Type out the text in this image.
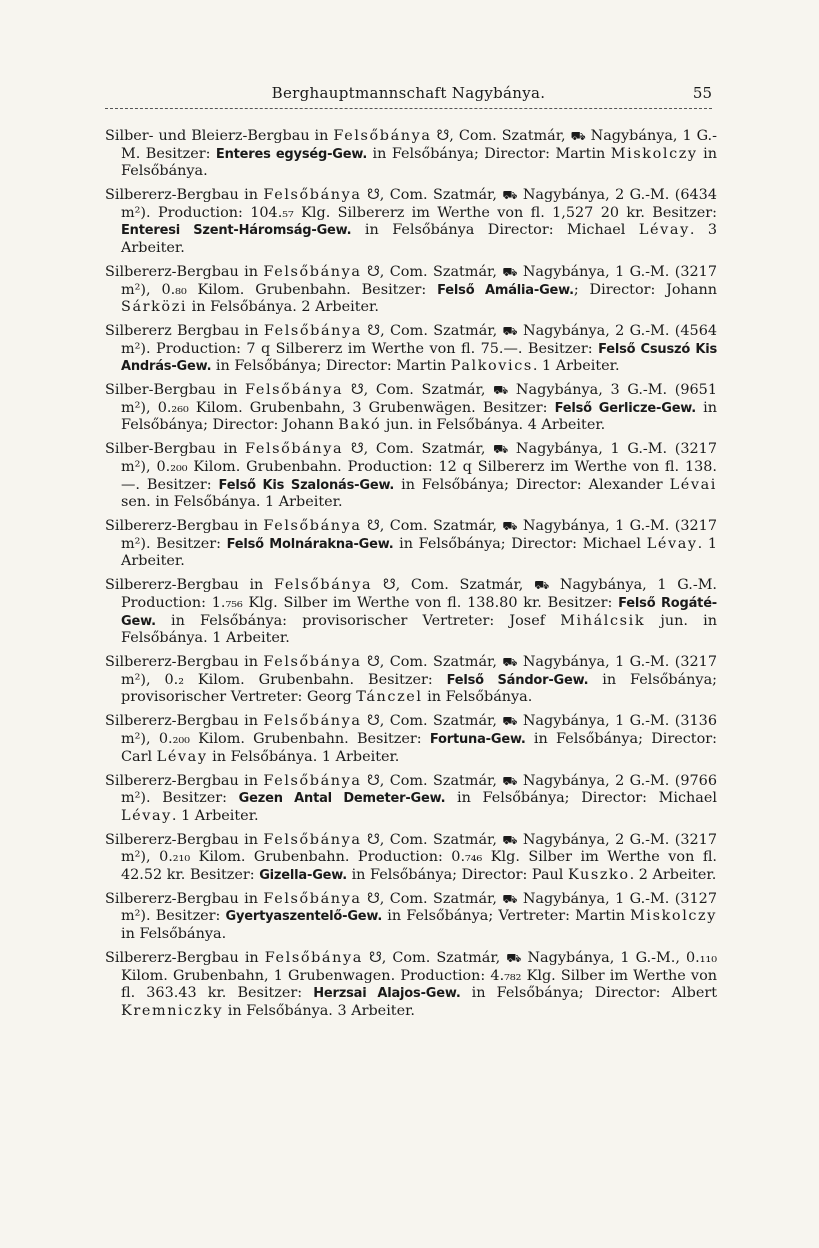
Berghauptmannschaft Nagybánya.	55

Silber- und Bleierz-Bergbau in Felsőbánya ☋, Com. Szatmár, ⛟ Nagybánya, 1 G.-M. Besitzer: Enteres egység-Gew. in Felsőbánya; Director: Martin Miskolczy in Felsőbánya.

Silbererz-Bergbau in Felsőbánya ☋, Com. Szatmár, ⛟ Nagybánya, 2 G.-M. (6434 m²). Production: 104.₅₇ Klg. Silbererz im Werthe von fl. 1,527 20 kr. Besitzer: Enteresi Szent-Háromság-Gew. in Felsőbánya Director: Michael Lévay. 3 Arbeiter.

Silbererz-Bergbau in Felsőbánya ☋, Com. Szatmár, ⛟ Nagybánya, 1 G.-M. (3217 m²), 0.₈₀ Kilom. Grubenbahn. Besitzer: Felső Amália-Gew.; Director: Johann Sárközi in Felsőbánya. 2 Arbeiter.

Silbererz Bergbau in Felsőbánya ☋, Com. Szatmár, ⛟ Nagybánya, 2 G.-M. (4564 m²). Production: 7 q Silbererz im Werthe von fl. 75.—. Besitzer: Felső Csuszó Kis András-Gew. in Felsőbánya; Director: Martin Palkovics. 1 Arbeiter.

Silber-Bergbau in Felsőbánya ☋, Com. Szatmár, ⛟ Nagybánya, 3 G.-M. (9651 m²), 0.₂₆₀ Kilom. Grubenbahn, 3 Grubenwägen. Besitzer: Felső Gerlicze-Gew. in Felsőbánya; Director: Johann Bakó jun. in Felsőbánya. 4 Arbeiter.

Silber-Bergbau in Felsőbánya ☋, Com. Szatmár, ⛟ Nagybánya, 1 G.-M. (3217 m²), 0.₂₀₀ Kilom. Grubenbahn. Production: 12 q Silbererz im Werthe von fl. 138.—. Besitzer: Felső Kis Szalonás-Gew. in Felsőbánya; Director: Alexander Lévai sen. in Felsőbánya. 1 Arbeiter.

Silbererz-Bergbau in Felsőbánya ☋, Com. Szatmár, ⛟ Nagybánya, 1 G.-M. (3217 m²). Besitzer: Felső Molnárakna-Gew. in Felsőbánya; Director: Michael Lévay. 1 Arbeiter.

Silbererz-Bergbau in Felsőbánya ☋, Com. Szatmár, ⛟ Nagybánya, 1 G.-M. Production: 1.₇₅₆ Klg. Silber im Werthe von fl. 138.80 kr. Besitzer: Felső Rogáté-Gew. in Felsőbánya: provisorischer Vertreter: Josef Mihálcsik jun. in Felsőbánya. 1 Arbeiter.

Silbererz-Bergbau in Felsőbánya ☋, Com. Szatmár, ⛟ Nagybánya, 1 G.-M. (3217 m²), 0.₂ Kilom. Grubenbahn. Besitzer: Felső Sándor-Gew. in Felsőbánya; provisorischer Vertreter: Georg Tánczel in Felsőbánya.

Silbererz-Bergbau in Felsőbánya ☋, Com. Szatmár, ⛟ Nagybánya, 1 G.-M. (3136 m²), 0.₂₀₀ Kilom. Grubenbahn. Besitzer: Fortuna-Gew. in Felsőbánya; Director: Carl Lévay in Felsőbánya. 1 Arbeiter.

Silbererz-Bergbau in Felsőbánya ☋, Com. Szatmár, ⛟ Nagybánya, 2 G.-M. (9766 m²). Besitzer: Gezen Antal Demeter-Gew. in Felsőbánya; Director: Michael Lévay. 1 Arbeiter.

Silbererz-Bergbau in Felsőbánya ☋, Com. Szatmár, ⛟ Nagybánya, 2 G.-M. (3217 m²), 0.₂₁₀ Kilom. Grubenbahn. Production: 0.₇₄₆ Klg. Silber im Werthe von fl. 42.52 kr. Besitzer: Gizella-Gew. in Felsőbánya; Director: Paul Kuszko. 2 Arbeiter.

Silbererz-Bergbau in Felsőbánya ☋, Com. Szatmár, ⛟ Nagybánya, 1 G.-M. (3127 m²). Besitzer: Gyertyaszentelő-Gew. in Felsőbánya; Vertreter: Martin Miskolczy in Felsőbánya.

Silbererz-Bergbau in Felsőbánya ☋, Com. Szatmár, ⛟ Nagybánya, 1 G.-M., 0.₁₁₀ Kilom. Grubenbahn, 1 Grubenwagen. Production: 4.₇₈₂ Klg. Silber im Werthe von fl. 363.43 kr. Besitzer: Herzsai Alajos-Gew. in Felsőbánya; Director: Albert Kremniczky in Felsőbánya. 3 Arbeiter.
